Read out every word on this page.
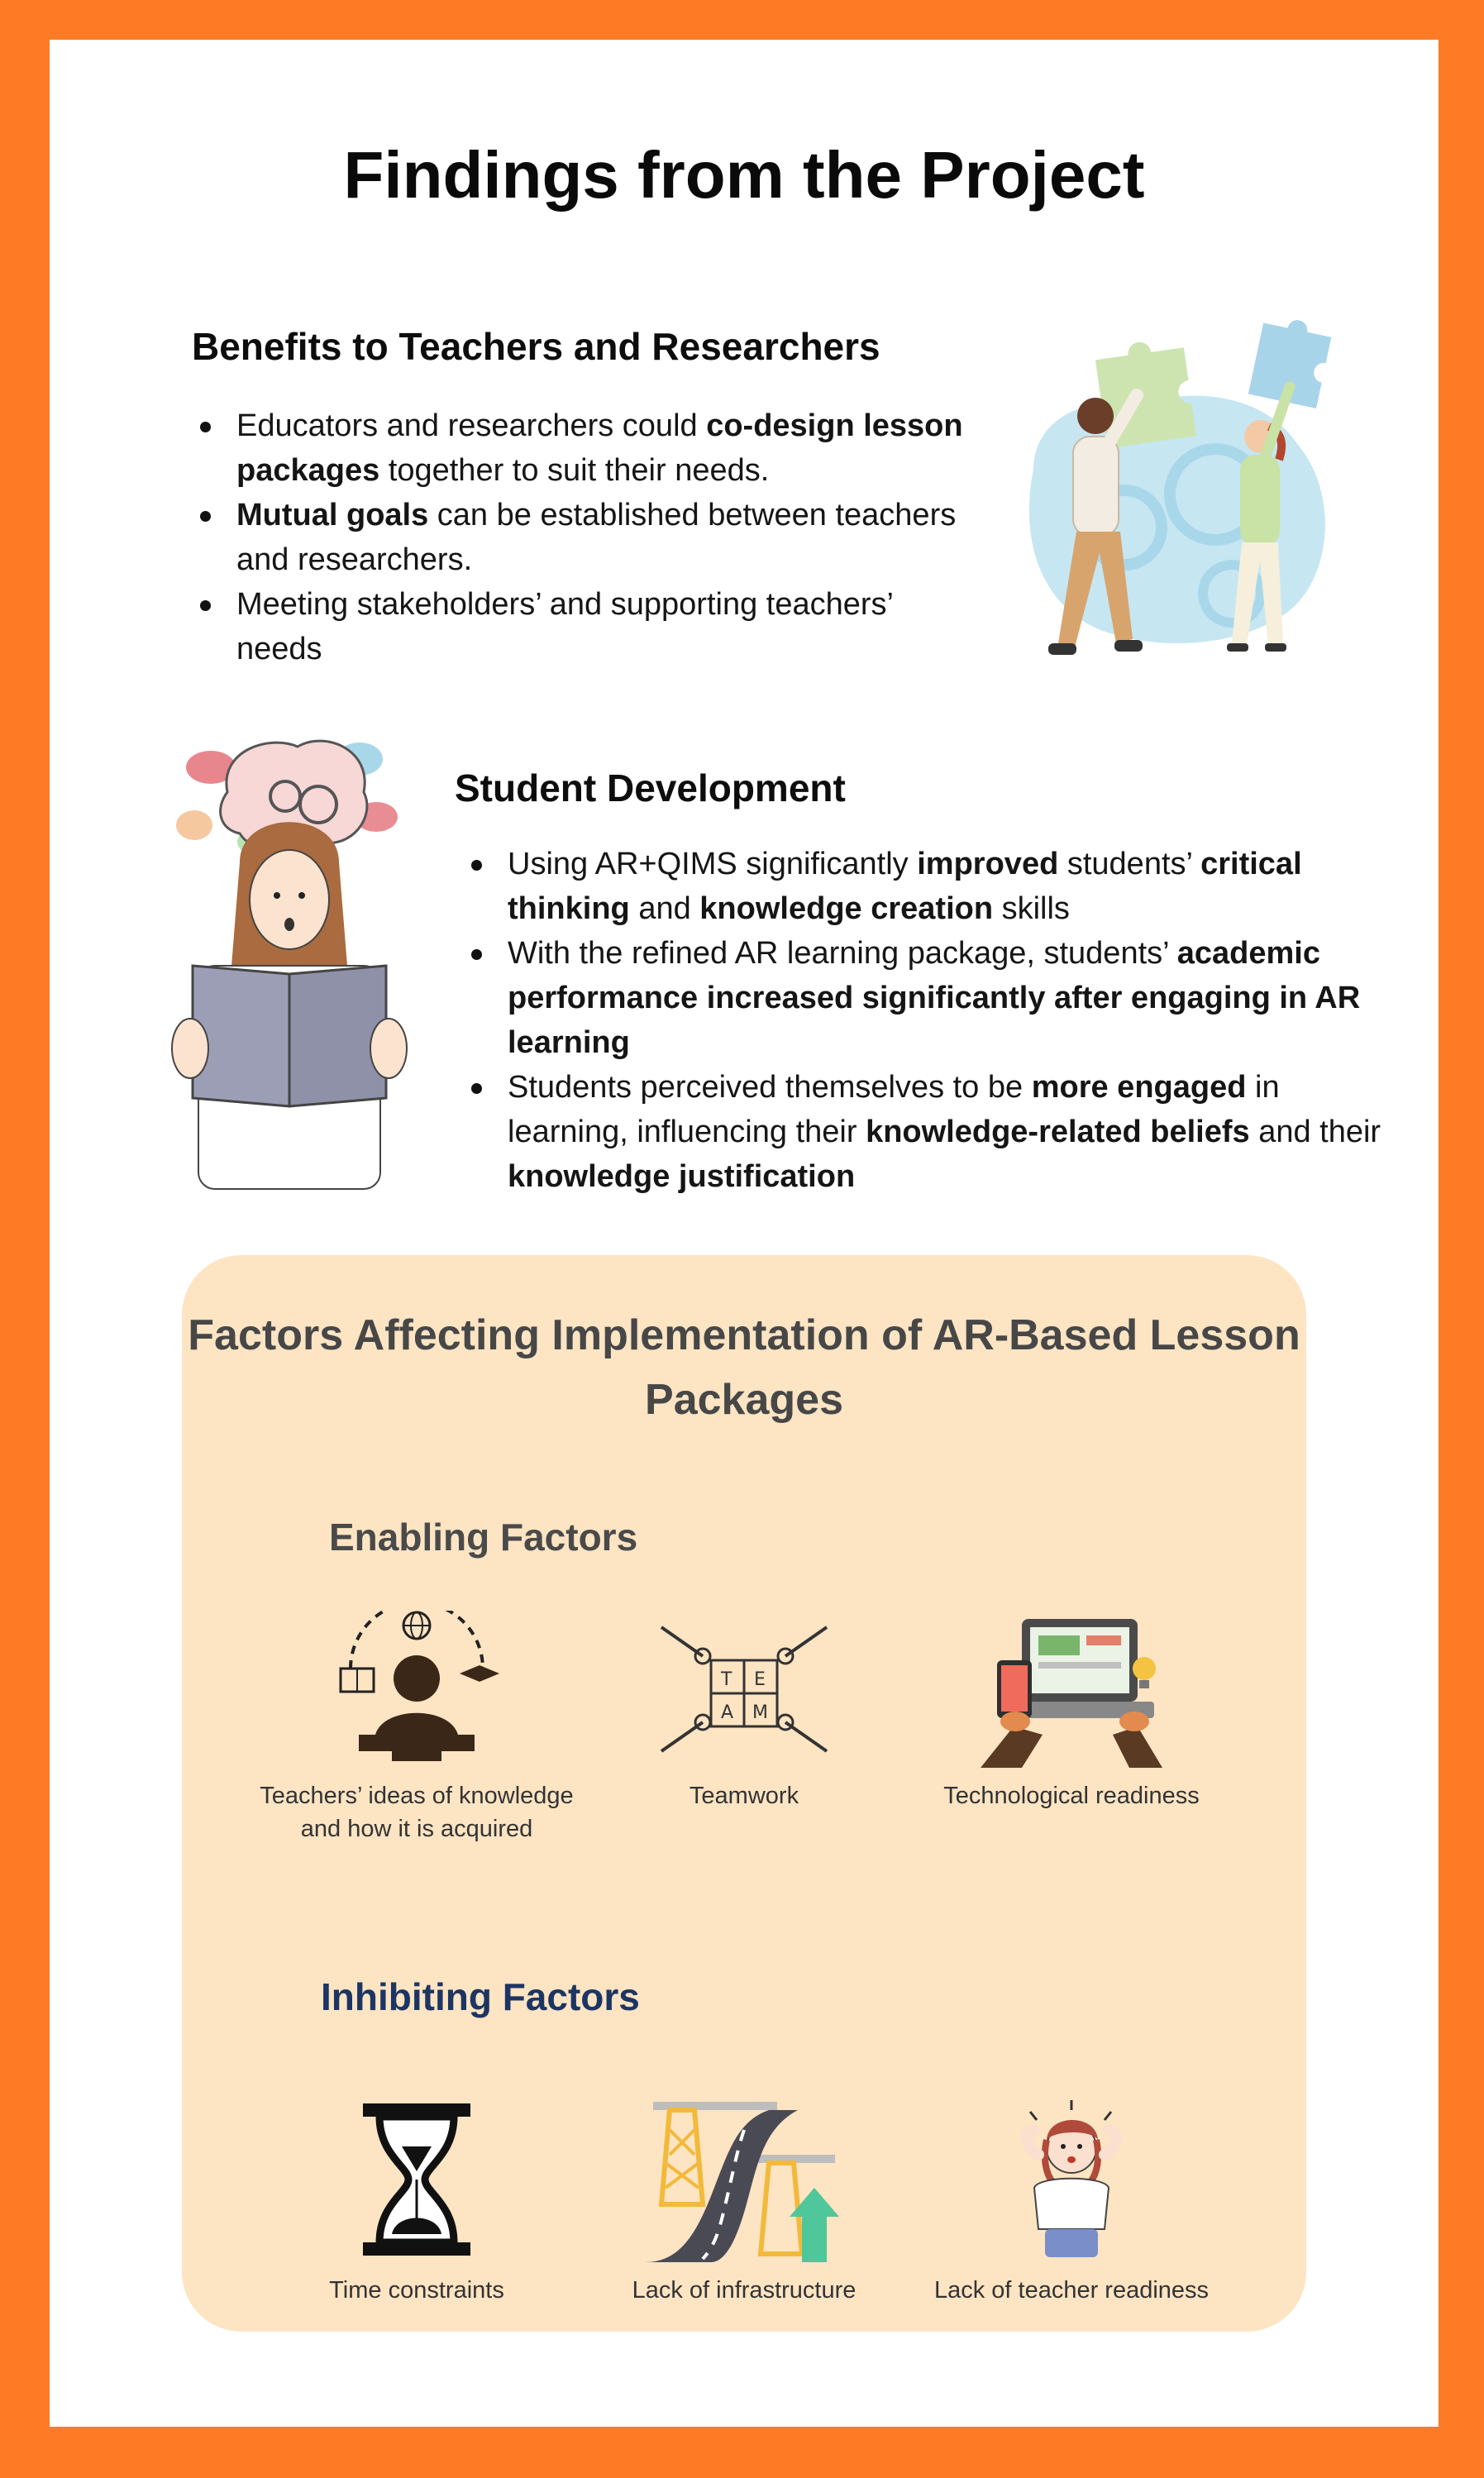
Findings from the Project
Benefits to Teachers and Researchers
Educators and researchers could co-design lesson packages together to suit their needs.
Mutual goals can be established between teachers and researchers.
Meeting stakeholders’ and supporting teachers’ needs
Student Development
Using AR+QIMS significantly improved students’ critical thinking and knowledge creation skills
With the refined AR learning package, students’ academic performance increased significantly after engaging in AR learning
Students perceived themselves to be more engaged in learning, influencing their knowledge-related beliefs and their knowledge justification
Factors Affecting Implementation of AR-Based Lesson Packages
Enabling Factors
Teachers’ ideas of knowledge and how it is acquired
T E
A M
Teamwork	Technological readiness
Inhibiting Factors
Time constraints	Lack of infrastructure	Lack of teacher readiness
